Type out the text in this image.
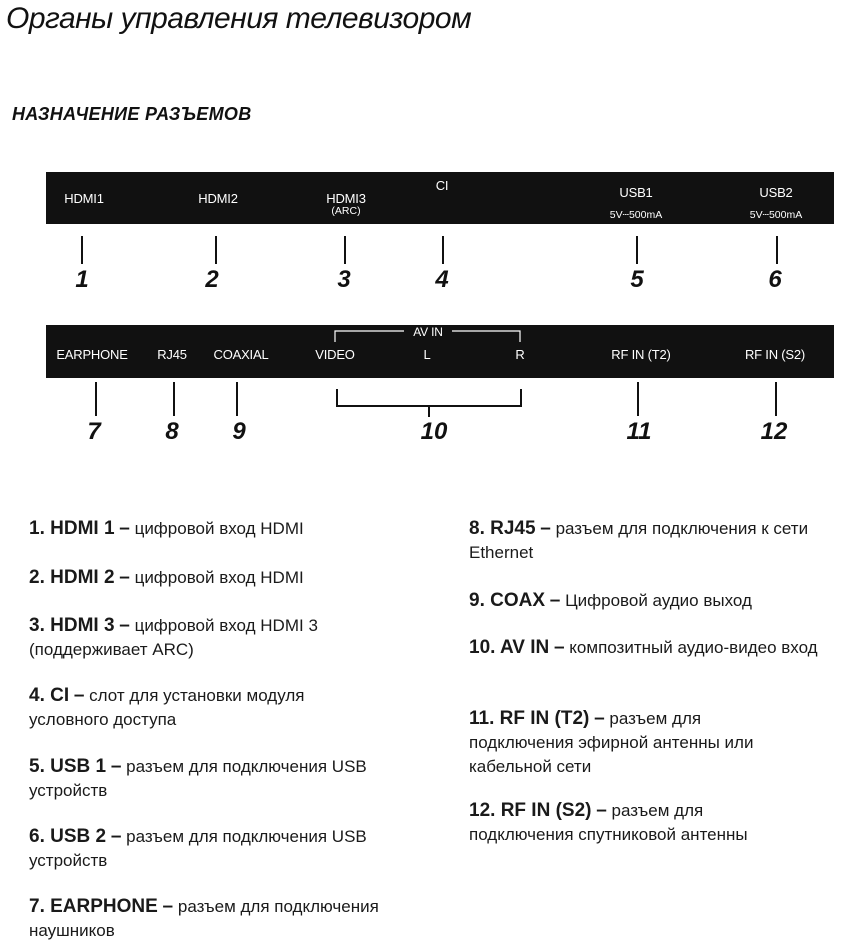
Органы управления телевизором
НАЗНАЧЕНИЕ РАЗЪЕМОВ
HDMI1	HDMI2	HDMI3
(ARC)
CI	USB1
5V┄500mA
USB2
5V┄500mA
1	2	3	4	5	6
EARPHONE RJ45 COAXIAL
AV IN
VIDEO	L	R	RF IN (T2)	RF IN (S2)
7	8 9	10	11	12
1. HDMI 1 – цифровой вход HDMI
2. HDMI 2 – цифровой вход HDMI
3. HDMI 3 – цифровой вход HDMI 3 (поддерживает ARC)
4. CI – слот для установки модуля условного доступа
5. USB 1 – разъем для подключения USB устройств
6. USB 2 – разъем для подключения USB устройств
7. EARPHONE – разъем для подключения наушников
8. RJ45 – разъем для подключения к сети Ethernet
9. COAX – Цифровой аудио выход
10. AV IN – композитный аудио-видео вход
11. RF IN (T2) – разъем для подключения эфирной антенны или кабельной сети
12. RF IN (S2) – разъем для подключения спутниковой антенны
